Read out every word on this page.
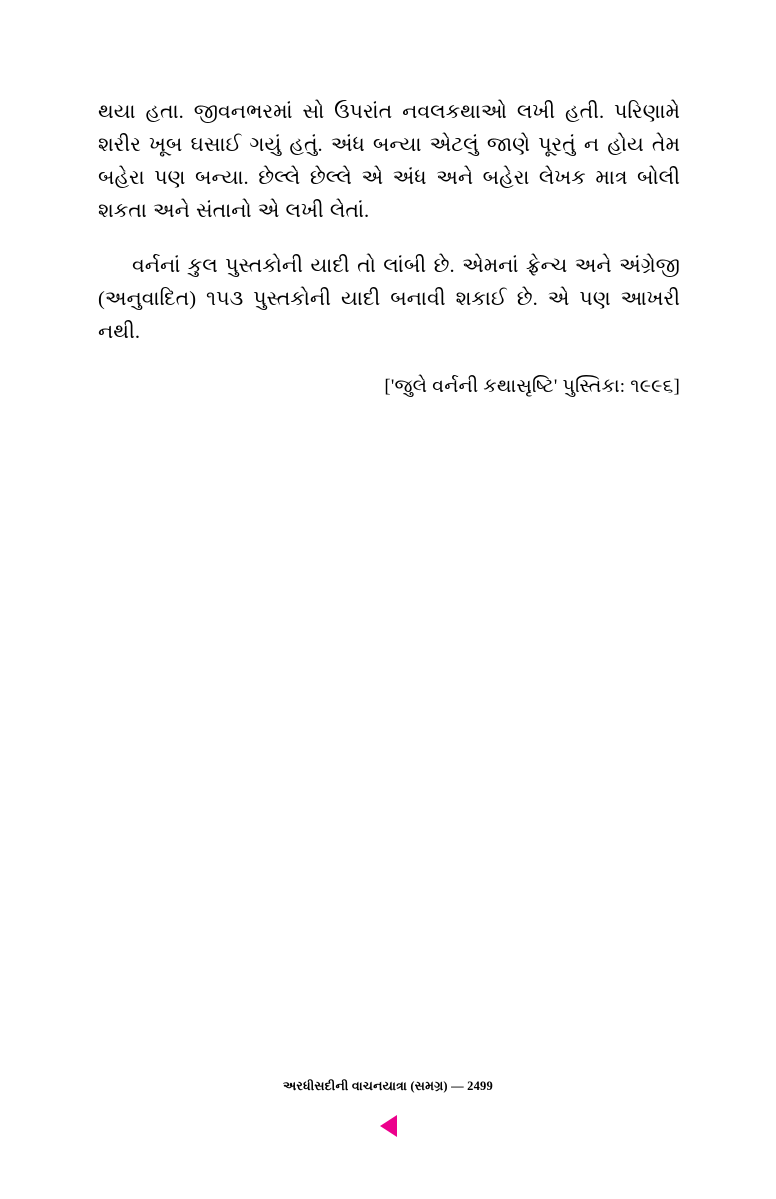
થયા હતા. જીવનભરમાં સો ઉપરાંત નવલકથાઓ લખી હતી. પરિણામે શરીર ખૂબ ઘસાઈ ગયું હતું. અંધ બન્યા એટલું જાણે પૂરતું ન હોય તેમ બહેરા પણ બન્યા. છેલ્લે છેલ્લે એ અંધ અને બહેરા લેખક માત્ર બોલી શકતા અને સંતાનો એ લખી લેતાં.

વર્નનાં કુલ પુસ્તકોની યાદી તો લાંબી છે. એમનાં ફ્રેન્ચ અને અંગ્રેજી (અનુવાદિત) ૧૫૩ પુસ્તકોની યાદી બનાવી શકાઈ છે. એ પણ આખરી નથી.

['જુલે વર્નની કથાસૃષ્ટિ' પુસ્તિકા: ૧૯૯૬]

અરધીસદીની વાચનયાત્રા (સમગ્ર) — 2499
